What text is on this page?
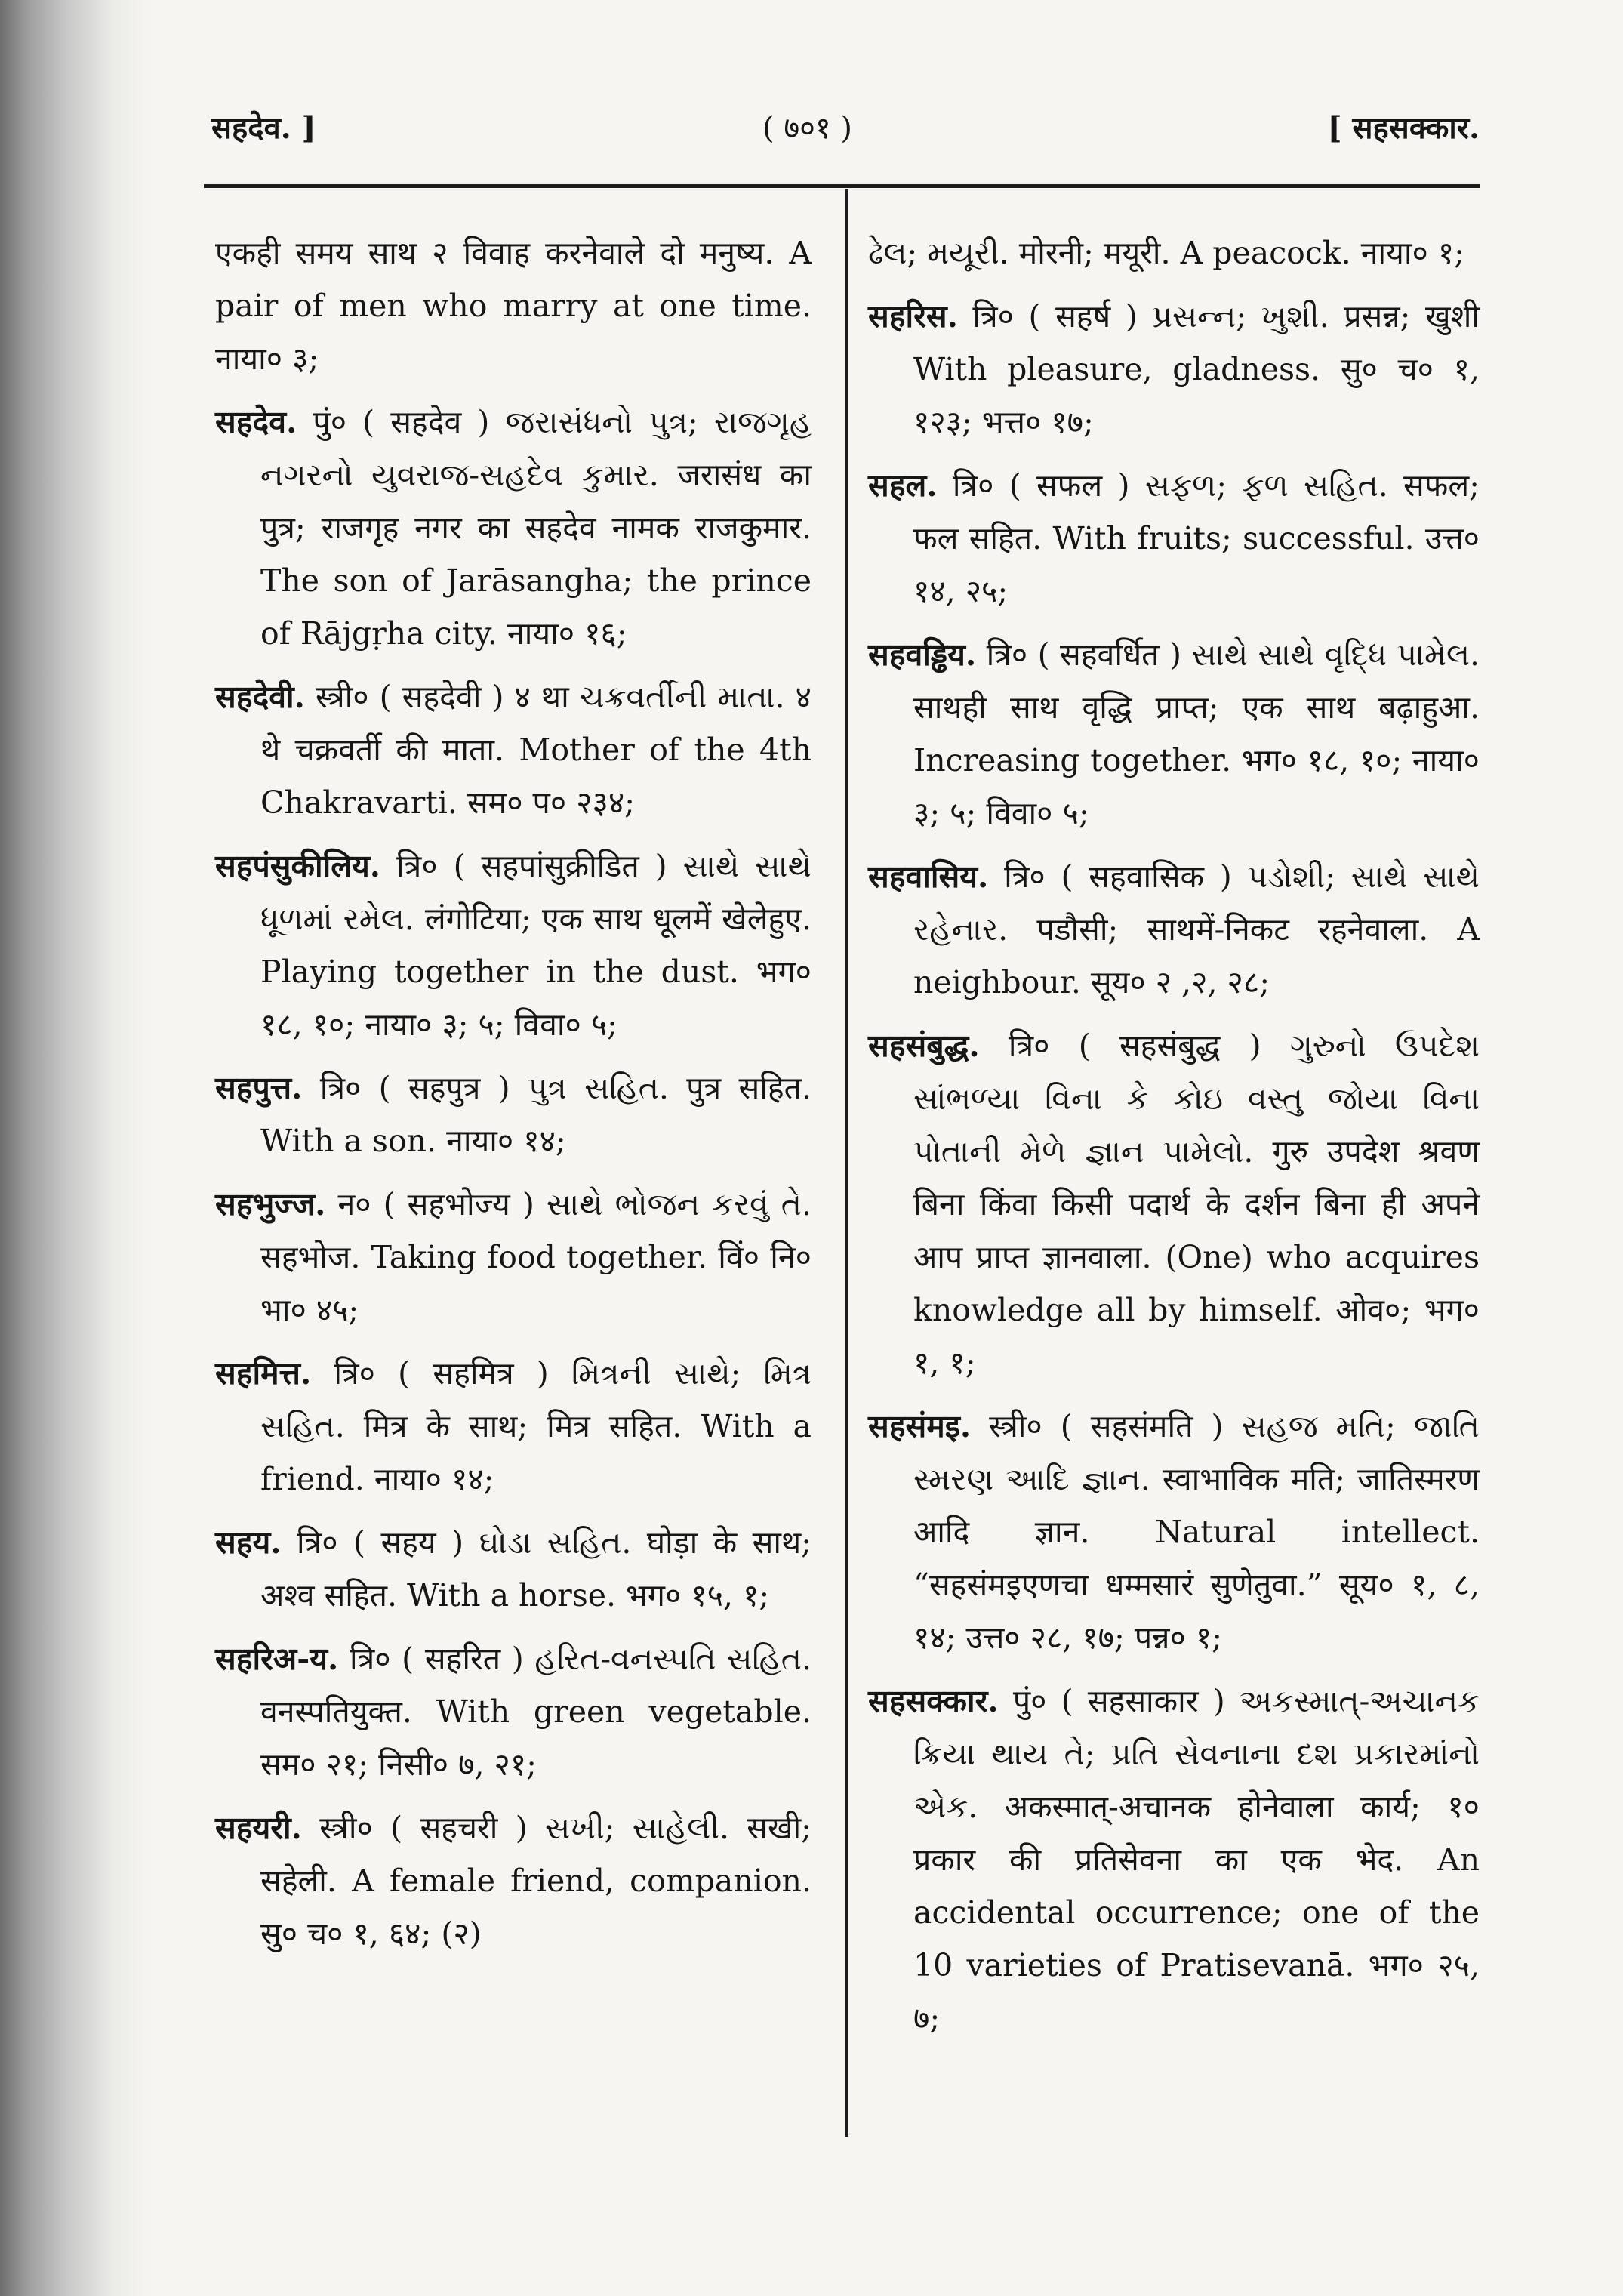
सहदेव. ]	( ७०१ )	[ सहसक्कार.
एकही समय साथ २ विवाह करनेवाले दो मनुष्य. A pair of men who marry at one time. नाया० ३;
सहदेव. पुं० ( सहदेव ) જરાસંધનો પુત્ર; રાજગૃહ નગરનો યુવરાજ-સહદેવ કુમાર. जरासंध का पुत्र; राजगृह नगर का सहदेव नामक राजकुमार. The son of Jarāsangha; the prince of Rājgṛha city. नाया० १६;
सहदेवी. स्त्री० ( सहदेवी ) ४ था ચક્રવર્તીની માતા. ४ थे चक्रवर्ती की माता. Mother of the 4th Chakravarti. सम० प० २३४;
सहपंसुकीलिय. त्रि० ( सहपांसुक्रीडित ) સાથે સાથે ધૂળમાં રમેલ. लंगोटिया; एक साथ धूलमें खेलेहुए. Playing together in the dust. भग० १८, १०; नाया० ३; ५; विवा० ५;
सहपुत्त. त्रि० ( सहपुत्र ) પુત્ર સહિત. पुत्र सहित. With a son. नाया० १४;
सहभुज्ज. न० ( सहभोज्य ) સાથે ભોજન કરવું તે. सहभोज. Taking food together. विं० नि० भा० ४५;
सहमित्त. त्रि० ( सहमित्र ) મિત્રની સાથે; મિત્ર સહિત. मित्र के साथ; मित्र सहित. With a friend. नाया० १४;
सहय. त्रि० ( सहय ) ઘોડા સહિત. घोड़ा के साथ; अश्व सहित. With a horse. भग० १५, १;
सहरिअ-य. त्रि० ( सहरित ) હરિત-વનસ્પતિ સહિત. वनस्पतियुक्त. With green vegetable. सम० २१; निसी० ७, २१;
सहयरी. स्त्री० ( सहचरी ) સખી; સાહેલી. सखी; सहेली. A female friend, companion. सु० च० १, ६४; (२)
ઢેલ; મયૂરી. मोरनी; मयूरी. A peacock. नाया० १;
सहरिस. त्रि० ( सहर्ष ) પ્રસન્ન; ખુશી. प्रसन्न; खुशी With pleasure, gladness. सु० च० १, १२३; भत्त० १७;
सहल. त्रि० ( सफल ) સફળ; ફળ સહિત. सफल; फल सहित. With fruits; successful. उत्त० १४, २५;
सहवड्ढिय. त्रि० ( सहवर्धित ) સાથે સાથે વૃદ્ધિ પામેલ. साथही साथ वृद्धि प्राप्त; एक साथ बढ़ाहुआ. Increasing together. भग० १८, १०; नाया० ३; ५; विवा० ५;
सहवासिय. त्रि० ( सहवासिक ) પડોશી; સાથે સાથે રહેનાર. पडौसी; साथमें-निकट रहनेवाला. A neighbour. सूय० २ ,२, २८;
सहसंबुद्ध. त्रि० ( सहसंबुद्ध ) ગુરુનો ઉપદેશ સાંભળ્યા વિના કે કોઇ વસ્તુ જોયા વિના પોતાની મેળે જ્ઞાન પામેલો. गुरु उपदेश श्रवण बिना किंवा किसी पदार्थ के दर्शन बिना ही अपने आप प्राप्त ज्ञानवाला. (One) who acquires knowledge all by himself. ओव०; भग० १, १;
सहसंमइ. स्त्री० ( सहसंमति ) સહજ મતિ; જાતિ સ્મરણ આદિ જ્ઞાન. स्वाभाविक मति; जातिस्मरण आदि ज्ञान. Natural intellect. “सहसंमइएणचा धम्मसारं सुणेतुवा.” सूय० १, ८, १४; उत्त० २८, १७; पन्न० १;
सहसक्कार. पुं० ( सहसाकार ) અકસ્માત્-અચાનક ક્રિયા થાય તે; પ્રતિ સેવનાના દશ પ્રકારમાંનો એક. अकस्मात्-अचानक होनेवाला कार्य; १० प्रकार की प्रतिसेवना का एक भेद. An accidental occurrence; one of the 10 varieties of Pratisevanā. भग० २५, ७;
